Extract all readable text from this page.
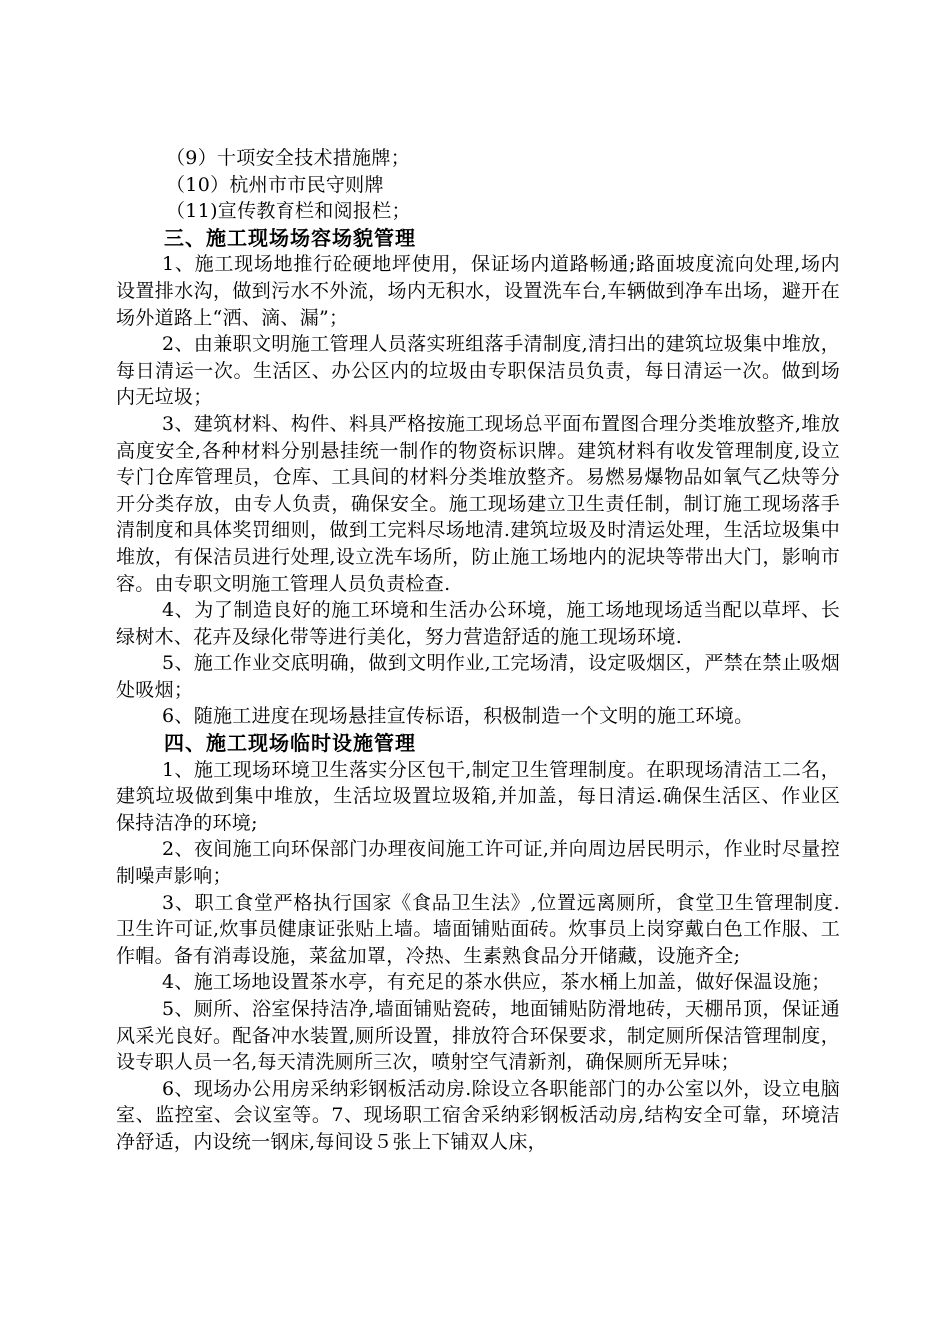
（9）十项安全技术措施牌；

（10）杭州市市民守则牌

（11)宣传教育栏和阅报栏；

三、施工现场场容场貌管理

1、施工现场地推行砼硬地坪使用，保证场内道路畅通;路面坡度流向处理,场内设置排水沟，做到污水不外流，场内无积水，设置洗车台,车辆做到净车出场，避开在场外道路上“洒、滴、漏”；

2、由兼职文明施工管理人员落实班组落手清制度,清扫出的建筑垃圾集中堆放，每日清运一次。生活区、办公区内的垃圾由专职保洁员负责，每日清运一次。做到场内无垃圾；

3、建筑材料、构件、料具严格按施工现场总平面布置图合理分类堆放整齐,堆放高度安全,各种材料分别悬挂统一制作的物资标识牌。建筑材料有收发管理制度,设立专门仓库管理员，仓库、工具间的材料分类堆放整齐。易燃易爆物品如氧气乙炔等分开分类存放，由专人负责，确保安全。施工现场建立卫生责任制，制订施工现场落手清制度和具体奖罚细则，做到工完料尽场地清.建筑垃圾及时清运处理，生活垃圾集中堆放，有保洁员进行处理,设立洗车场所，防止施工场地内的泥块等带出大门，影响市容。由专职文明施工管理人员负责检查.

4、为了制造良好的施工环境和生活办公环境，施工场地现场适当配以草坪、长绿树木、花卉及绿化带等进行美化，努力营造舒适的施工现场环境.

5、施工作业交底明确，做到文明作业,工完场清，设定吸烟区，严禁在禁止吸烟处吸烟；

6、随施工进度在现场悬挂宣传标语，积极制造一个文明的施工环境。

四、施工现场临时设施管理

1、施工现场环境卫生落实分区包干,制定卫生管理制度。在职现场清洁工二名，建筑垃圾做到集中堆放，生活垃圾置垃圾箱,并加盖，每日清运.确保生活区、作业区保持洁净的环境;

2、夜间施工向环保部门办理夜间施工许可证,并向周边居民明示，作业时尽量控制噪声影响；

3、职工食堂严格执行国家《食品卫生法》,位置远离厕所，食堂卫生管理制度.卫生许可证,炊事员健康证张贴上墙。墙面铺贴面砖。炊事员上岗穿戴白色工作服、工作帽。备有消毒设施，菜盆加罩，冷热、生素熟食品分开储藏，设施齐全;

4、施工场地设置茶水亭，有充足的茶水供应，茶水桶上加盖，做好保温设施；

5、厕所、浴室保持洁净,墙面铺贴瓷砖，地面铺贴防滑地砖，天棚吊顶，保证通风采光良好。配备冲水装置,厕所设置，排放符合环保要求，制定厕所保洁管理制度，设专职人员一名,每天清洗厕所三次，喷射空气清新剂，确保厕所无异味；

6、现场办公用房采纳彩钢板活动房.除设立各职能部门的办公室以外，设立电脑室、监控室、会议室等。7、现场职工宿舍采纳彩钢板活动房,结构安全可靠，环境洁净舒适，内设统一钢床,每间设５张上下铺双人床，
